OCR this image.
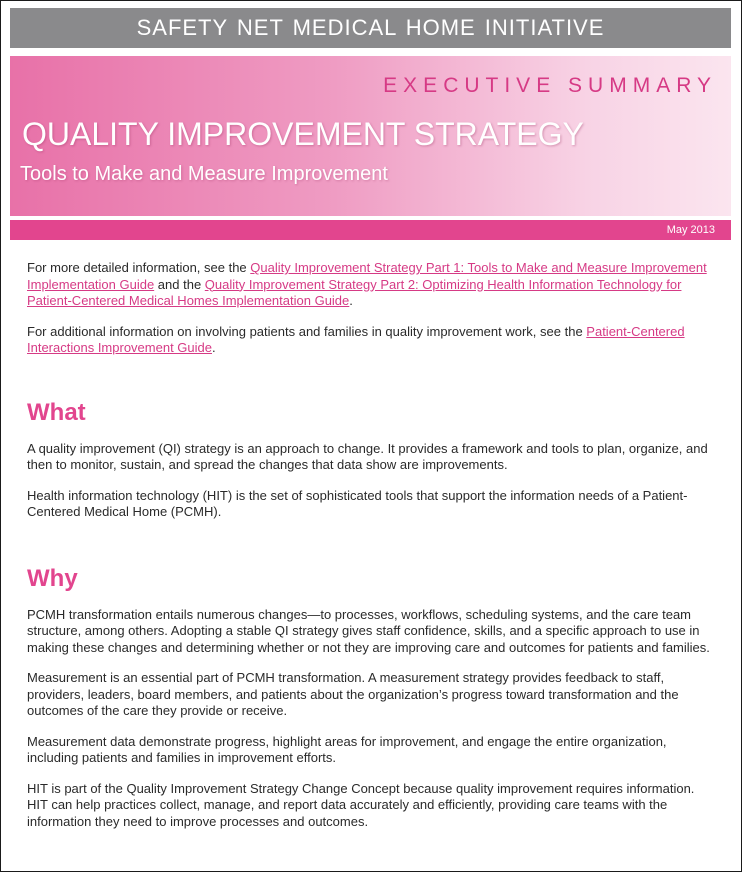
SAFETY NET MEDICAL HOME INITIATIVE
EXECUTIVE SUMMARY
QUALITY IMPROVEMENT STRATEGY
Tools to Make and Measure Improvement
May 2013

For more detailed information, see the Quality Improvement Strategy Part 1: Tools to Make and Measure Improvement Implementation Guide and the Quality Improvement Strategy Part 2: Optimizing Health Information Technology for Patient-Centered Medical Homes Implementation Guide.

For additional information on involving patients and families in quality improvement work, see the Patient-Centered Interactions Improvement Guide.

What

A quality improvement (QI) strategy is an approach to change. It provides a framework and tools to plan, organize, and then to monitor, sustain, and spread the changes that data show are improvements.

Health information technology (HIT) is the set of sophisticated tools that support the information needs of a Patient-Centered Medical Home (PCMH).

Why

PCMH transformation entails numerous changes—to processes, workflows, scheduling systems, and the care team structure, among others. Adopting a stable QI strategy gives staff confidence, skills, and a specific approach to use in making these changes and determining whether or not they are improving care and outcomes for patients and families.

Measurement is an essential part of PCMH transformation. A measurement strategy provides feedback to staff, providers, leaders, board members, and patients about the organization’s progress toward transformation and the outcomes of the care they provide or receive.

Measurement data demonstrate progress, highlight areas for improvement, and engage the entire organization, including patients and families in improvement efforts.

HIT is part of the Quality Improvement Strategy Change Concept because quality improvement requires information. HIT can help practices collect, manage, and report data accurately and efficiently, providing care teams with the information they need to improve processes and outcomes.
